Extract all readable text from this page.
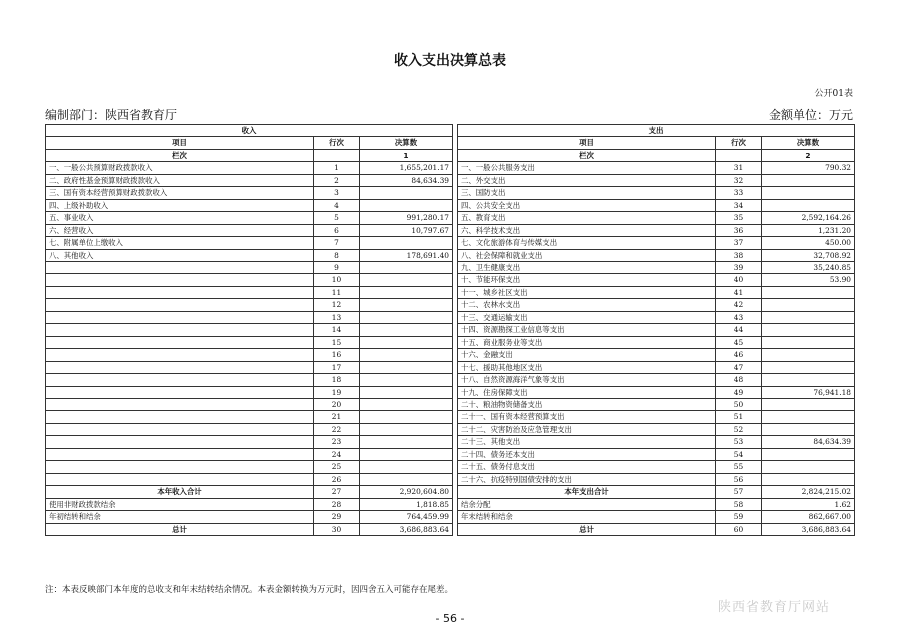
收入支出决算总表
公开01表
编制部门：陕西省教育厅	金额单位：万元
收入		
项目	行次	决算数
栏次		1
一、一般公共预算财政拨款收入	1	1,655,201.17
二、政府性基金预算财政拨款收入	2	84,634.39
三、国有资本经营预算财政拨款收入	3	
四、上级补助收入	4	
五、事业收入	5	991,280.17
六、经营收入	6	10,797.67
七、附属单位上缴收入	7	
八、其他收入	8	178,691.40
	9	
	10	
	11	
	12	
	13	
	14	
	15	
	16	
	17	
	18	
	19	
	20	
	21	
	22	
	23	
	24	
	25	
	26	
本年收入合计	27	2,920,604.80
使用非财政拨款结余	28	1,818.85
年初结转和结余	29	764,459.99
总计	30	3,686,883.64
支出		
项目	行次	决算数
栏次		2
一、一般公共服务支出	31	790.32
二、外交支出	32	
三、国防支出	33	
四、公共安全支出	34	
五、教育支出	35	2,592,164.26
六、科学技术支出	36	1,231.20
七、文化旅游体育与传媒支出	37	450.00
八、社会保障和就业支出	38	32,708.92
九、卫生健康支出	39	35,240.85
十、节能环保支出	40	53.90
十一、城乡社区支出	41	
十二、农林水支出	42	
十三、交通运输支出	43	
十四、资源勘探工业信息等支出	44	
十五、商业服务业等支出	45	
十六、金融支出	46	
十七、援助其他地区支出	47	
十八、自然资源海洋气象等支出	48	
十九、住房保障支出	49	76,941.18
二十、粮油物资储备支出	50	
二十一、国有资本经营预算支出	51	
二十二、灾害防治及应急管理支出	52	
二十三、其他支出	53	84,634.39
二十四、债务还本支出	54	
二十五、债务付息支出	55	
二十六、抗疫特别国债安排的支出	56	
本年支出合计	57	2,824,215.02
结余分配	58	1.62
年末结转和结余	59	862,667.00
总计	60	3,686,883.64
注：本表反映部门本年度的总收支和年末结转结余情况。本表金额转换为万元时，因四舍五入可能存在尾差。
- 56 -
陕西省教育厅网站
